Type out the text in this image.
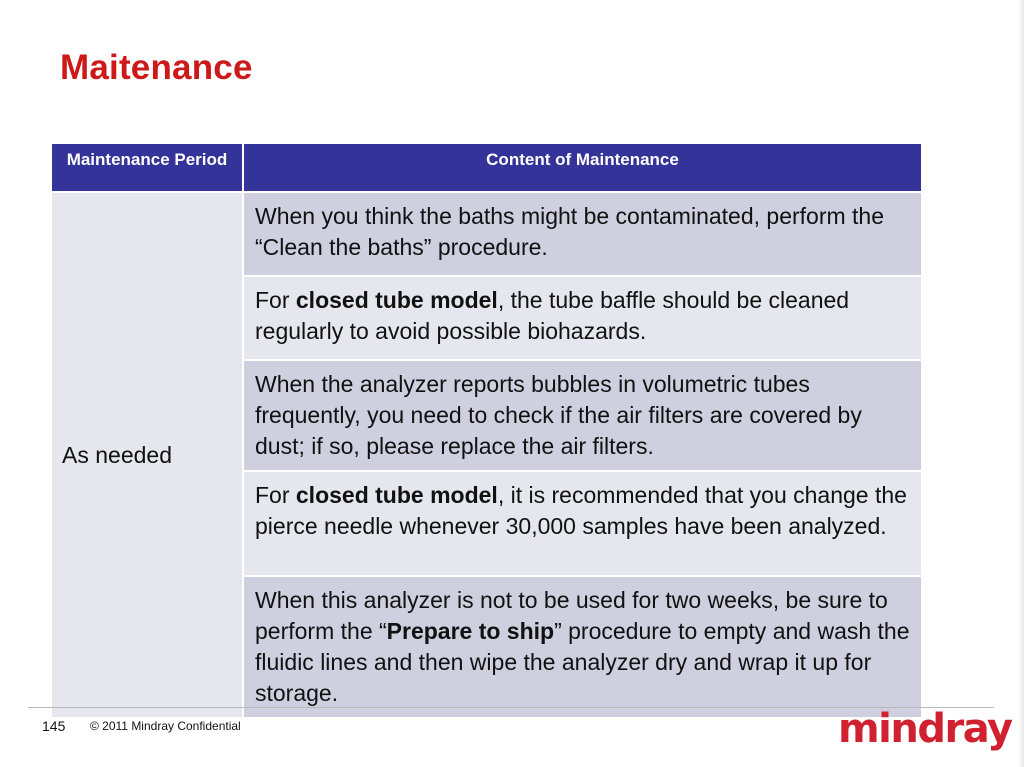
Maitenance
Maintenance Period	Content of Maintenance
As needed	When you think the baths might be contaminated, perform the “Clean the baths” procedure.
	For closed tube model, the tube baffle should be cleaned regularly to avoid possible biohazards.
	When the analyzer reports bubbles in volumetric tubes frequently, you need to check if the air filters are covered by dust; if so, please replace the air filters.
	For closed tube model, it is recommended that you change the pierce needle whenever 30,000 samples have been analyzed.
	When this analyzer is not to be used for two weeks, be sure to perform the “Prepare to ship” procedure to empty and wash the fluidic lines and then wipe the analyzer dry and wrap it up for storage.
145 © 2011 Mindray Confidential	mindray
